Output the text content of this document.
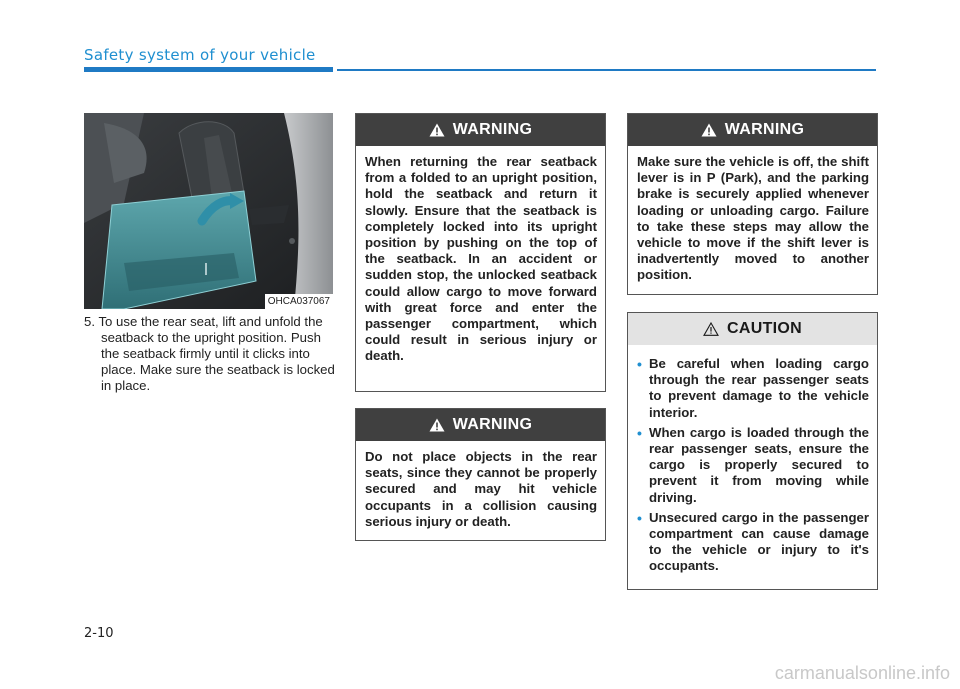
Safety system of your vehicle
OHCA037067
5. To use the rear seat, lift and unfold the seatback to the upright position. Push the seatback firmly until it clicks into place. Make sure the seatback is locked in place.
WARNING
When returning the rear seatback from a folded to an upright position, hold the seatback and return it slowly. Ensure that the seatback is completely locked into its upright position by pushing on the top of the seatback. In an accident or sudden stop, the unlocked seatback could allow cargo to move forward with great force and enter the passenger compartment, which could result in serious injury or death.
WARNING
Do not place objects in the rear seats, since they cannot be properly secured and may hit vehicle occupants in a collision causing serious injury or death.
WARNING
Make sure the vehicle is off, the shift lever is in P (Park), and the parking brake is securely applied whenever loading or unloading cargo. Failure to take these steps may allow the vehicle to move if the shift lever is inadvertently moved to another position.
CAUTION
• Be careful when loading cargo through the rear passenger seats to prevent damage to the vehicle interior.
• When cargo is loaded through the rear passenger seats, ensure the cargo is properly secured to prevent it from moving while driving.
• Unsecured cargo in the passenger compartment can cause damage to the vehicle or injury to it's occupants.
2-10
carmanualsonline.info
